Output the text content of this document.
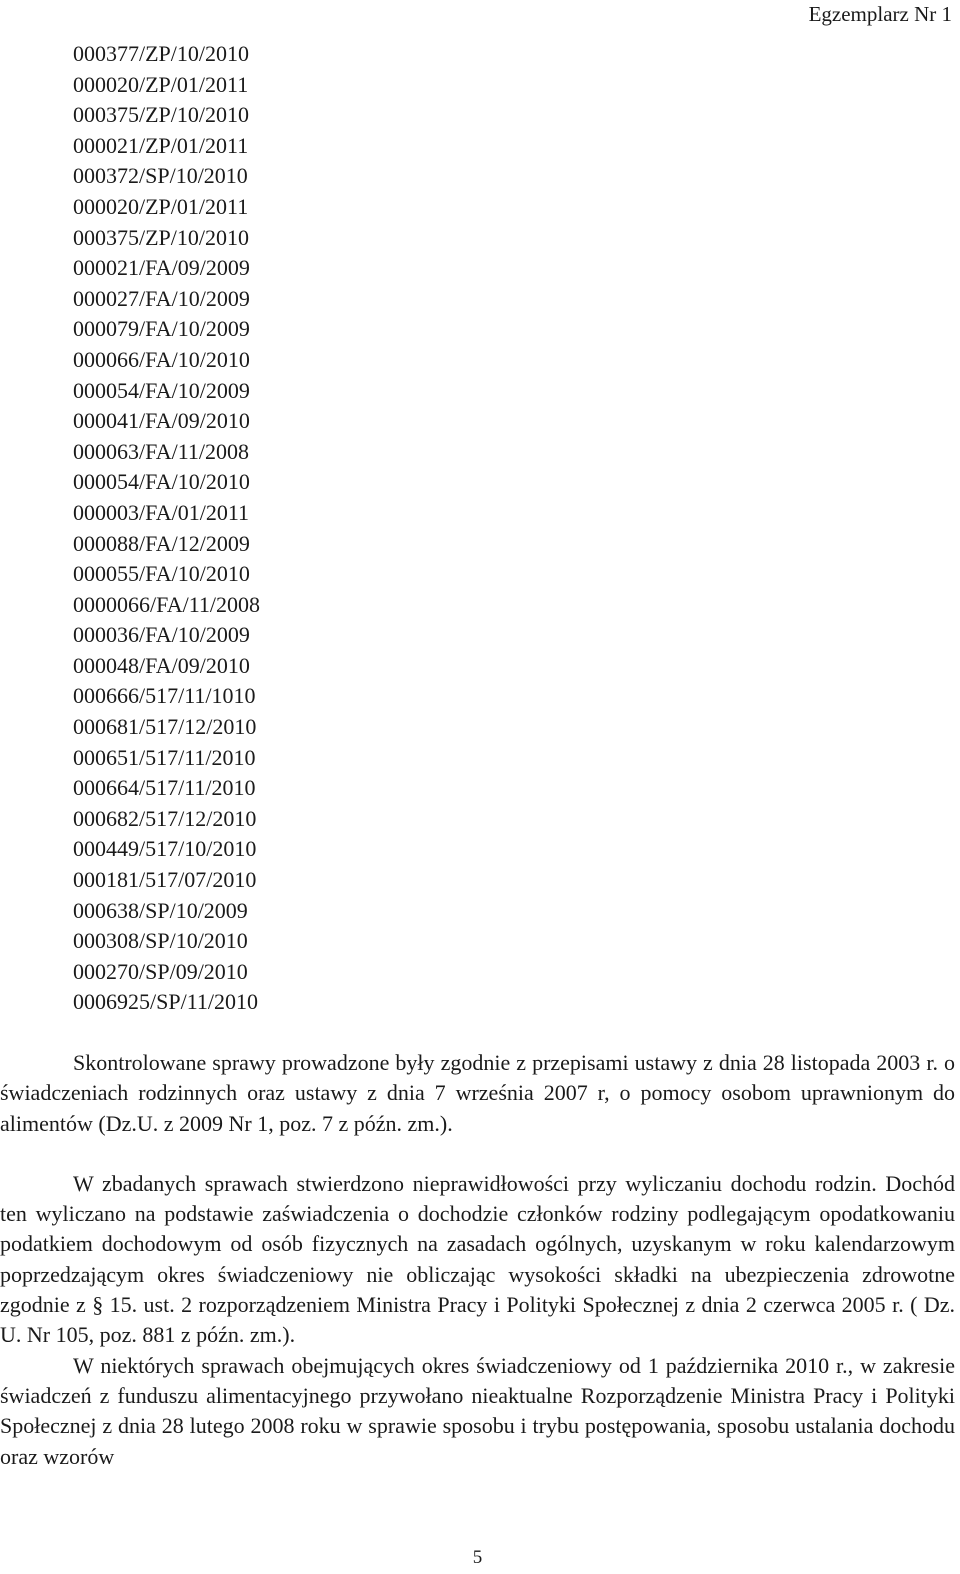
Egzemplarz Nr 1
000377/ZP/10/2010
000020/ZP/01/2011
000375/ZP/10/2010
000021/ZP/01/2011
000372/SP/10/2010
000020/ZP/01/2011
000375/ZP/10/2010
000021/FA/09/2009
000027/FA/10/2009
000079/FA/10/2009
000066/FA/10/2010
000054/FA/10/2009
000041/FA/09/2010
000063/FA/11/2008
000054/FA/10/2010
000003/FA/01/2011
000088/FA/12/2009
000055/FA/10/2010
0000066/FA/11/2008
000036/FA/10/2009
000048/FA/09/2010
000666/517/11/1010
000681/517/12/2010
000651/517/11/2010
000664/517/11/2010
000682/517/12/2010
000449/517/10/2010
000181/517/07/2010
000638/SP/10/2009
000308/SP/10/2010
000270/SP/09/2010
0006925/SP/11/2010

Skontrolowane sprawy prowadzone były zgodnie z przepisami ustawy z dnia 28 listopada 2003 r. o świadczeniach rodzinnych oraz ustawy z dnia 7 września 2007 r, o pomocy osobom uprawnionym do alimentów (Dz.U. z 2009 Nr 1, poz. 7 z późn. zm.).

W zbadanych sprawach stwierdzono nieprawidłowości przy wyliczaniu dochodu rodzin. Dochód ten wyliczano na podstawie zaświadczenia o dochodzie członków rodziny podlegającym opodatkowaniu podatkiem dochodowym od osób fizycznych na zasadach ogólnych, uzyskanym w roku kalendarzowym poprzedzającym okres świadczeniowy nie obliczając wysokości składki na ubezpieczenia zdrowotne zgodnie z § 15. ust. 2 rozporządzeniem Ministra Pracy i Polityki Społecznej z dnia 2 czerwca 2005 r. ( Dz. U. Nr 105, poz. 881 z późn. zm.).

W niektórych sprawach obejmujących okres świadczeniowy od 1 października 2010 r., w zakresie świadczeń z funduszu alimentacyjnego przywołano nieaktualne Rozporządzenie Ministra Pracy i Polityki Społecznej z dnia 28 lutego 2008 roku w sprawie sposobu i trybu postępowania, sposobu ustalania dochodu oraz wzorów

5
